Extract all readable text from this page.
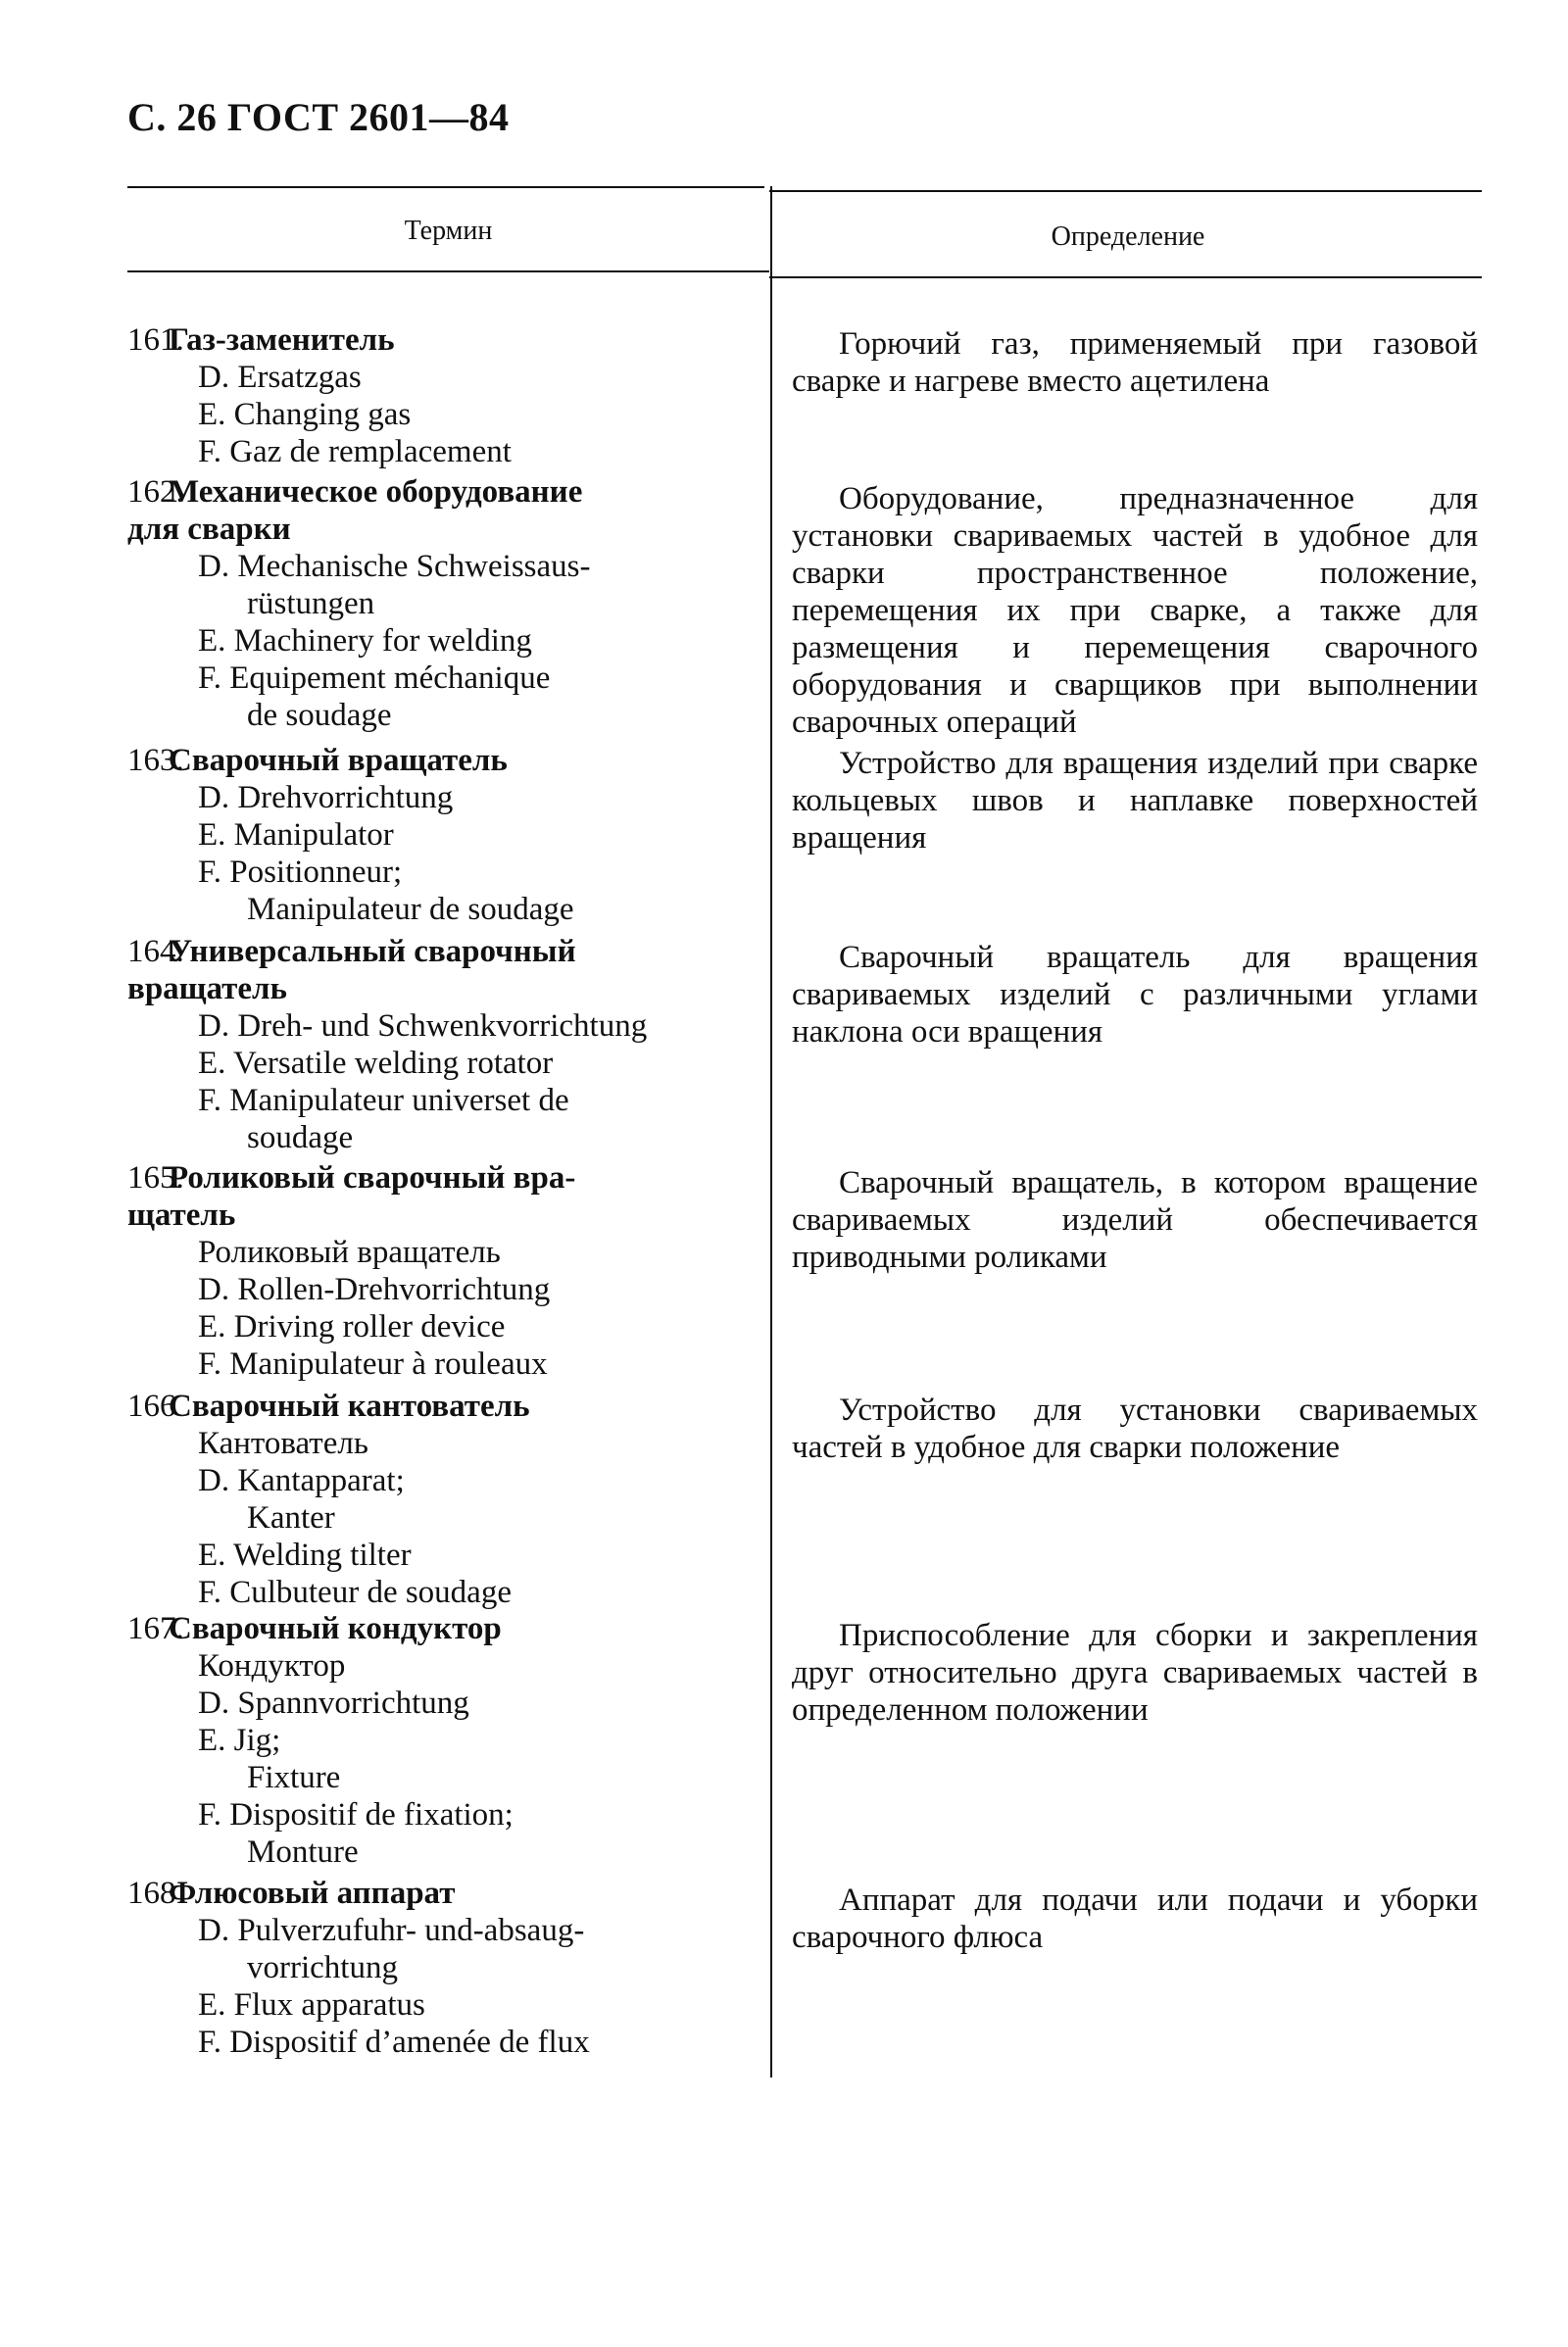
С. 26 ГОСТ 2601—84
Термин	Определение
161.Газ-заменитель
D. Ersatzgas
E. Changing gas
F. Gaz de remplacement

Горючий газ, применяемый при газовой сварке и нагреве вместо ацетилена

162.Механическое оборудование
для сварки
D. Mechanische Schweissaus-
rüstungen
E. Machinery for welding
F. Equipement méchanique
de soudage

Оборудование, предназначенное для установки свариваемых частей в удобное для сварки пространственное положение, перемещения их при сварке, а также для размещения и перемещения сварочного оборудования и сварщиков при выполнении сварочных операций

163.Сварочный вращатель
D. Drehvorrichtung
E. Manipulator
F. Positionneur;
Manipulateur de soudage

Устройство для вращения изделий при сварке кольцевых швов и наплавке поверхностей вращения

164.Универсальный сварочный
вращатель
D. Dreh- und Schwenkvorrichtung
E. Versatile welding rotator
F. Manipulateur universet de
soudage

Сварочный вращатель для вращения свариваемых изделий с различными углами наклона оси вращения

165.Роликовый сварочный вра-
щатель
Роликовый вращатель
D. Rollen-Drehvorrichtung
E. Driving roller device
F. Manipulateur à rouleaux

Сварочный вращатель, в котором вращение свариваемых изделий обеспечивается приводными роликами

166Сварочный кантователь
Кантователь
D. Kantapparat;
Kanter
E. Welding tilter
F. Culbuteur de soudage

Устройство для установки свариваемых частей в удобное для сварки положение

167.Сварочный кондуктор
Кондуктор
D. Spannvorrichtung
E. Jig;
Fixture
F. Dispositif de fixation;
Monture

Приспособление для сборки и закрепления друг относительно друга свариваемых частей в определенном положении

168Флюсовый аппарат
D. Pulverzufuhr- und-absaug-
vorrichtung
E. Flux apparatus
F. Dispositif d’amenée de flux

Аппарат для подачи или подачи и уборки сварочного флюса
